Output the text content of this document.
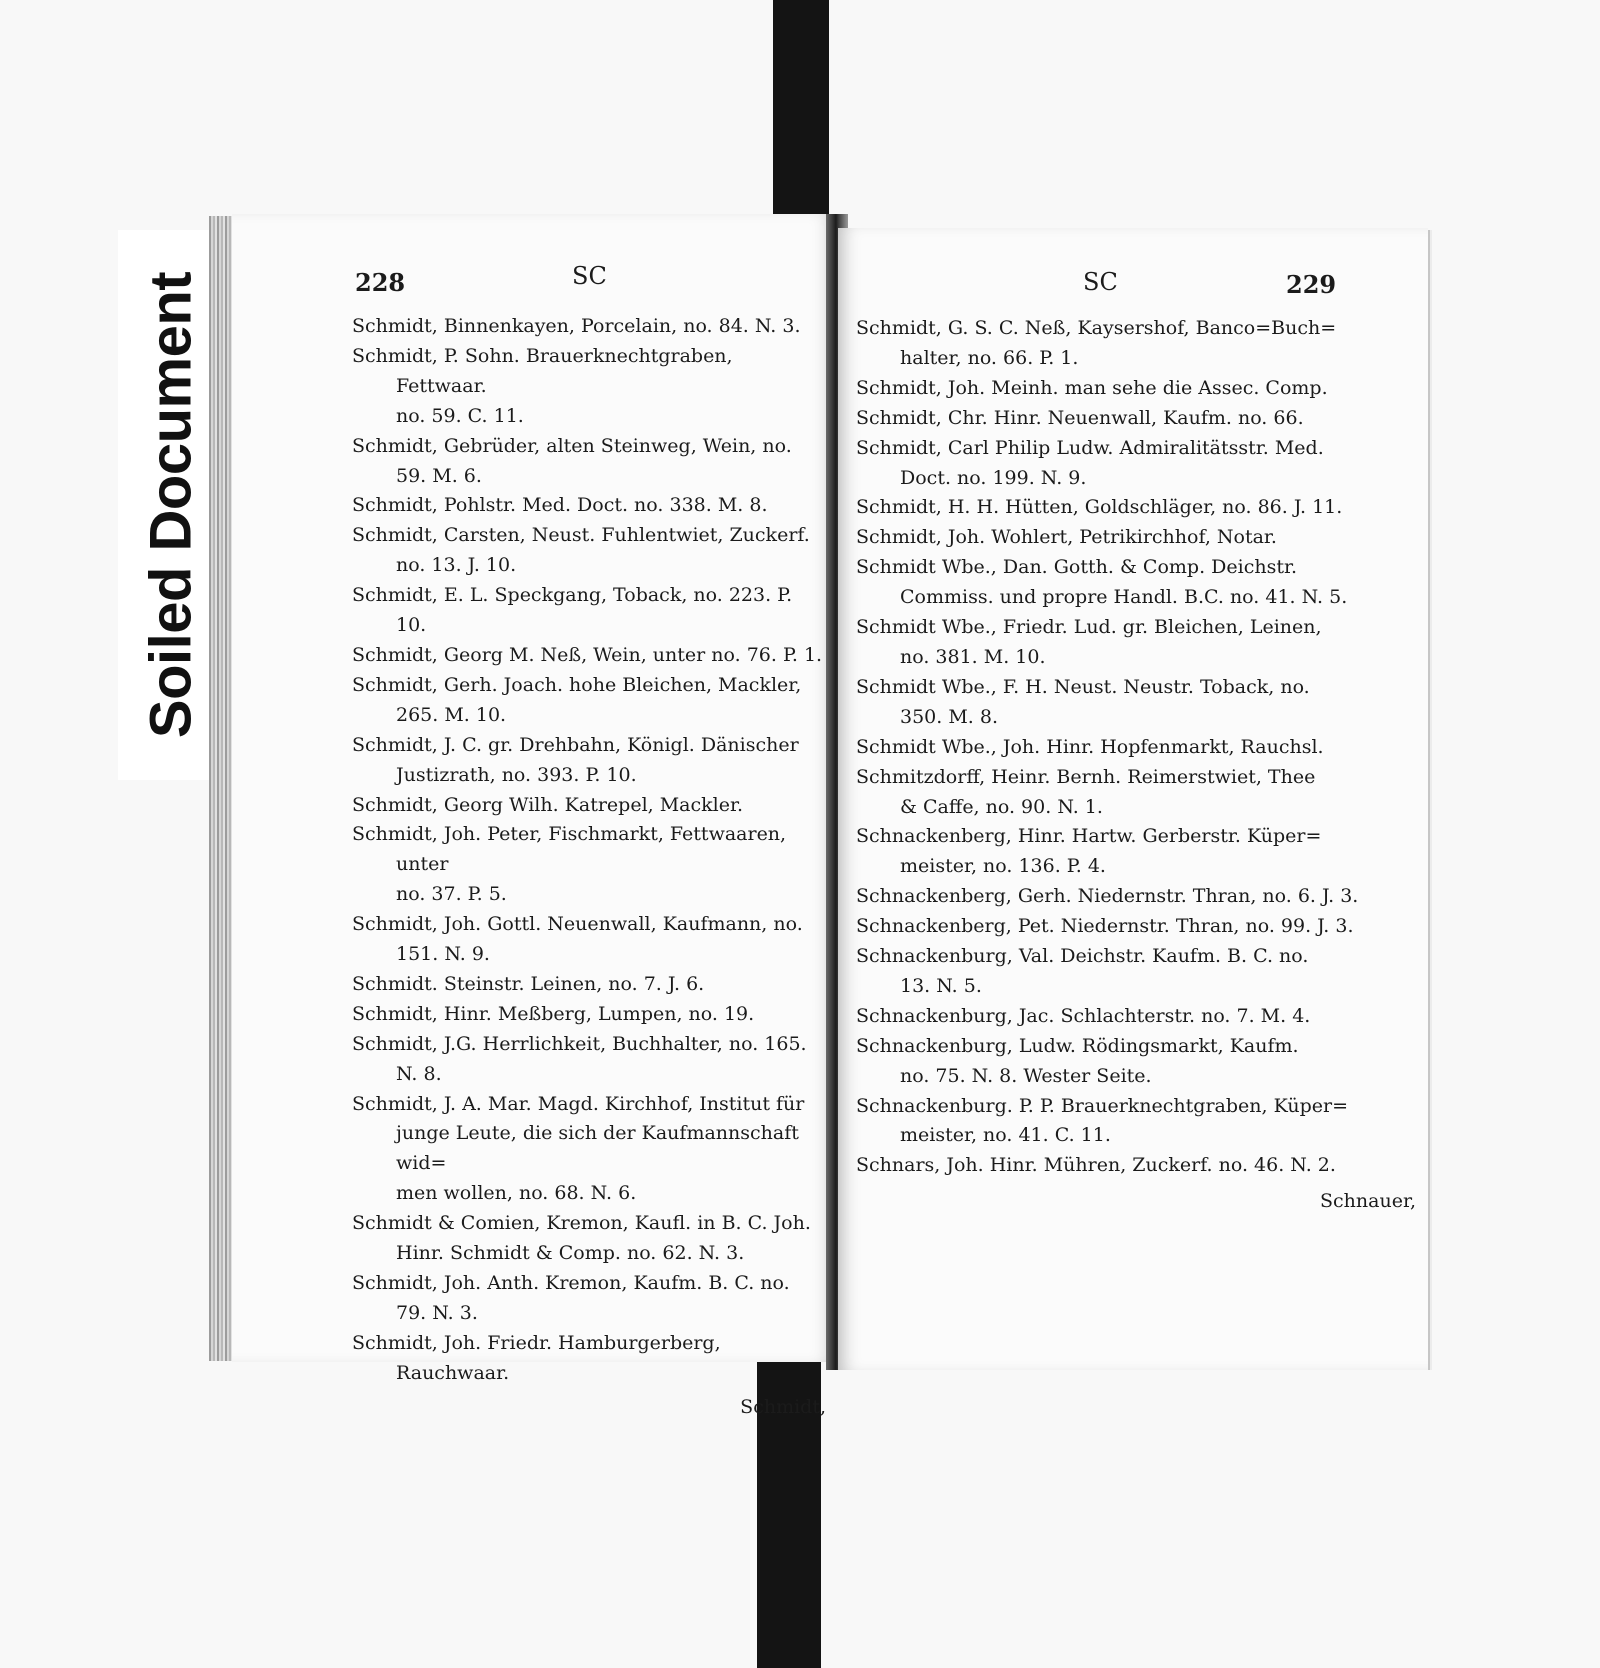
Soiled Document	228	SC
Schmidt, Binnenkayen, Porcelain, no. 84. N. 3.
Schmidt, P. Sohn. Brauerknechtgraben, Fettwaar.
no. 59. C. 11.
Schmidt, Gebrüder, alten Steinweg, Wein, no.
59. M. 6.
Schmidt, Pohlstr. Med. Doct. no. 338. M. 8.
Schmidt, Carsten, Neust. Fuhlentwiet, Zuckerf.
no. 13. J. 10.
Schmidt, E. L. Speckgang, Toback, no. 223. P. 10.
Schmidt, Georg M. Neß, Wein, unter no. 76. P. 1.
Schmidt, Gerh. Joach. hohe Bleichen, Mackler,
265. M. 10.
Schmidt, J. C. gr. Drehbahn, Königl. Dänischer
Justizrath, no. 393. P. 10.
Schmidt, Georg Wilh. Katrepel, Mackler.
Schmidt, Joh. Peter, Fischmarkt, Fettwaaren, unter
no. 37. P. 5.
Schmidt, Joh. Gottl. Neuenwall, Kaufmann, no.
151. N. 9.
Schmidt. Steinstr. Leinen, no. 7. J. 6.
Schmidt, Hinr. Meßberg, Lumpen, no. 19.
Schmidt, J.G. Herrlichkeit, Buchhalter, no. 165. N. 8.
Schmidt, J. A. Mar. Magd. Kirchhof, Institut für
junge Leute, die sich der Kaufmannschaft wid=
men wollen, no. 68. N. 6.
Schmidt & Comien, Kremon, Kaufl. in B. C. Joh.
Hinr. Schmidt & Comp. no. 62. N. 3.
Schmidt, Joh. Anth. Kremon, Kaufm. B. C. no.
79. N. 3.
Schmidt, Joh. Friedr. Hamburgerberg, Rauchwaar.
Schmidt,
SC	229
Schmidt, G. S. C. Neß, Kaysershof, Banco=Buch=
halter, no. 66. P. 1.
Schmidt, Joh. Meinh. man sehe die Assec. Comp.
Schmidt, Chr. Hinr. Neuenwall, Kaufm. no. 66.
Schmidt, Carl Philip Ludw. Admiralitätsstr. Med.
Doct. no. 199. N. 9.
Schmidt, H. H. Hütten, Goldschläger, no. 86. J. 11.
Schmidt, Joh. Wohlert, Petrikirchhof, Notar.
Schmidt Wbe., Dan. Gotth. & Comp. Deichstr.
Commiss. und propre Handl. B.C. no. 41. N. 5.
Schmidt Wbe., Friedr. Lud. gr. Bleichen, Leinen,
no. 381. M. 10.
Schmidt Wbe., F. H. Neust. Neustr. Toback, no.
350. M. 8.
Schmidt Wbe., Joh. Hinr. Hopfenmarkt, Rauchsl.
Schmitzdorff, Heinr. Bernh. Reimerstwiet, Thee
& Caffe, no. 90. N. 1.
Schnackenberg, Hinr. Hartw. Gerberstr. Küper=
meister, no. 136. P. 4.
Schnackenberg, Gerh. Niedernstr. Thran, no. 6. J. 3.
Schnackenberg, Pet. Niedernstr. Thran, no. 99. J. 3.
Schnackenburg, Val. Deichstr. Kaufm. B. C. no.
13. N. 5.
Schnackenburg, Jac. Schlachterstr. no. 7. M. 4.
Schnackenburg, Ludw. Rödingsmarkt, Kaufm.
no. 75. N. 8. Wester Seite.
Schnackenburg. P. P. Brauerknechtgraben, Küper=
meister, no. 41. C. 11.
Schnars, Joh. Hinr. Mühren, Zuckerf. no. 46. N. 2.
Schnauer,
